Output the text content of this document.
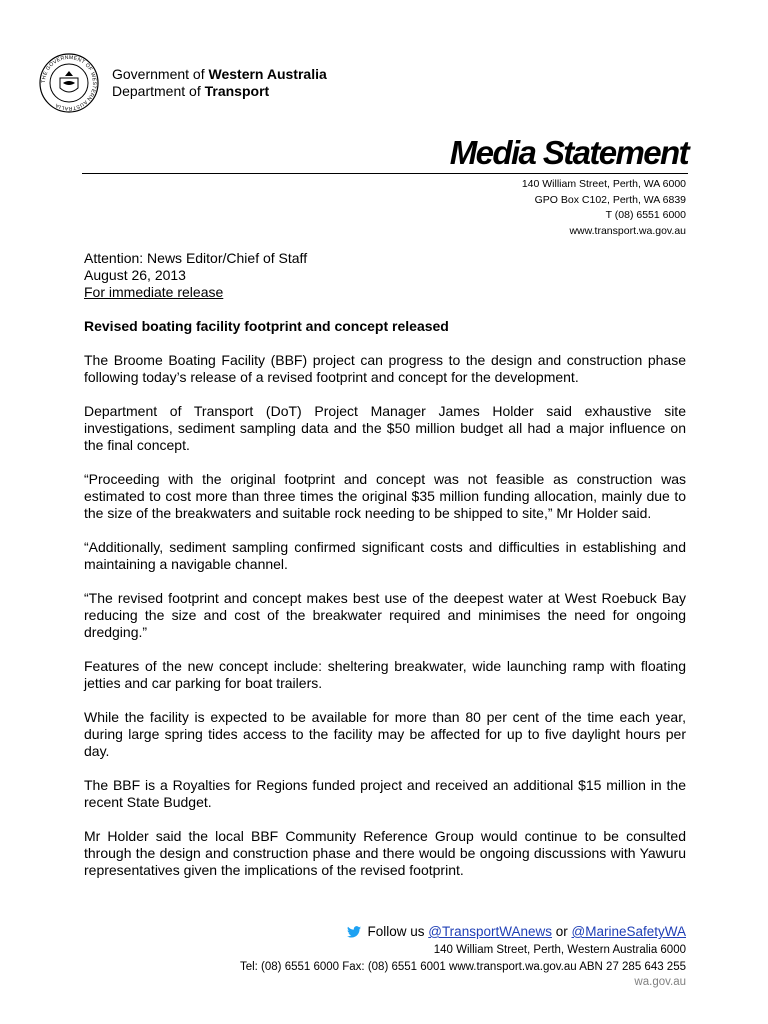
THE GOVERNMENT OF WESTERN AUSTRALIA
Government of Western Australia
Department of Transport
Media Statement
140 William Street, Perth, WA 6000
GPO Box C102, Perth, WA 6839
T (08) 6551 6000
www.transport.wa.gov.au
Attention: News Editor/Chief of Staff
August 26, 2013
For immediate release
Revised boating facility footprint and concept released
The Broome Boating Facility (BBF) project can progress to the design and construction phase following today’s release of a revised footprint and concept for the development.
Department of Transport (DoT) Project Manager James Holder said exhaustive site investigations, sediment sampling data and the $50 million budget all had a major influence on the final concept.
“Proceeding with the original footprint and concept was not feasible as construction was estimated to cost more than three times the original $35 million funding allocation, mainly due to the size of the breakwaters and suitable rock needing to be shipped to site,” Mr Holder said.
“Additionally, sediment sampling confirmed significant costs and difficulties in establishing and maintaining a navigable channel.
“The revised footprint and concept makes best use of the deepest water at West Roebuck Bay reducing the size and cost of the breakwater required and minimises the need for ongoing dredging.”
Features of the new concept include: sheltering breakwater, wide launching ramp with floating jetties and car parking for boat trailers.
While the facility is expected to be available for more than 80 per cent of the time each year, during large spring tides access to the facility may be affected for up to five daylight hours per day.
The BBF is a Royalties for Regions funded project and received an additional $15 million in the recent State Budget.
Mr Holder said the local BBF Community Reference Group would continue to be consulted through the design and construction phase and there would be ongoing discussions with Yawuru representatives given the implications of the revised footprint.
Follow us @TransportWAnews or @MarineSafetyWA
140 William Street, Perth, Western Australia 6000
Tel: (08) 6551 6000 Fax: (08) 6551 6001 www.transport.wa.gov.au ABN 27 285 643 255
wa.gov.au
